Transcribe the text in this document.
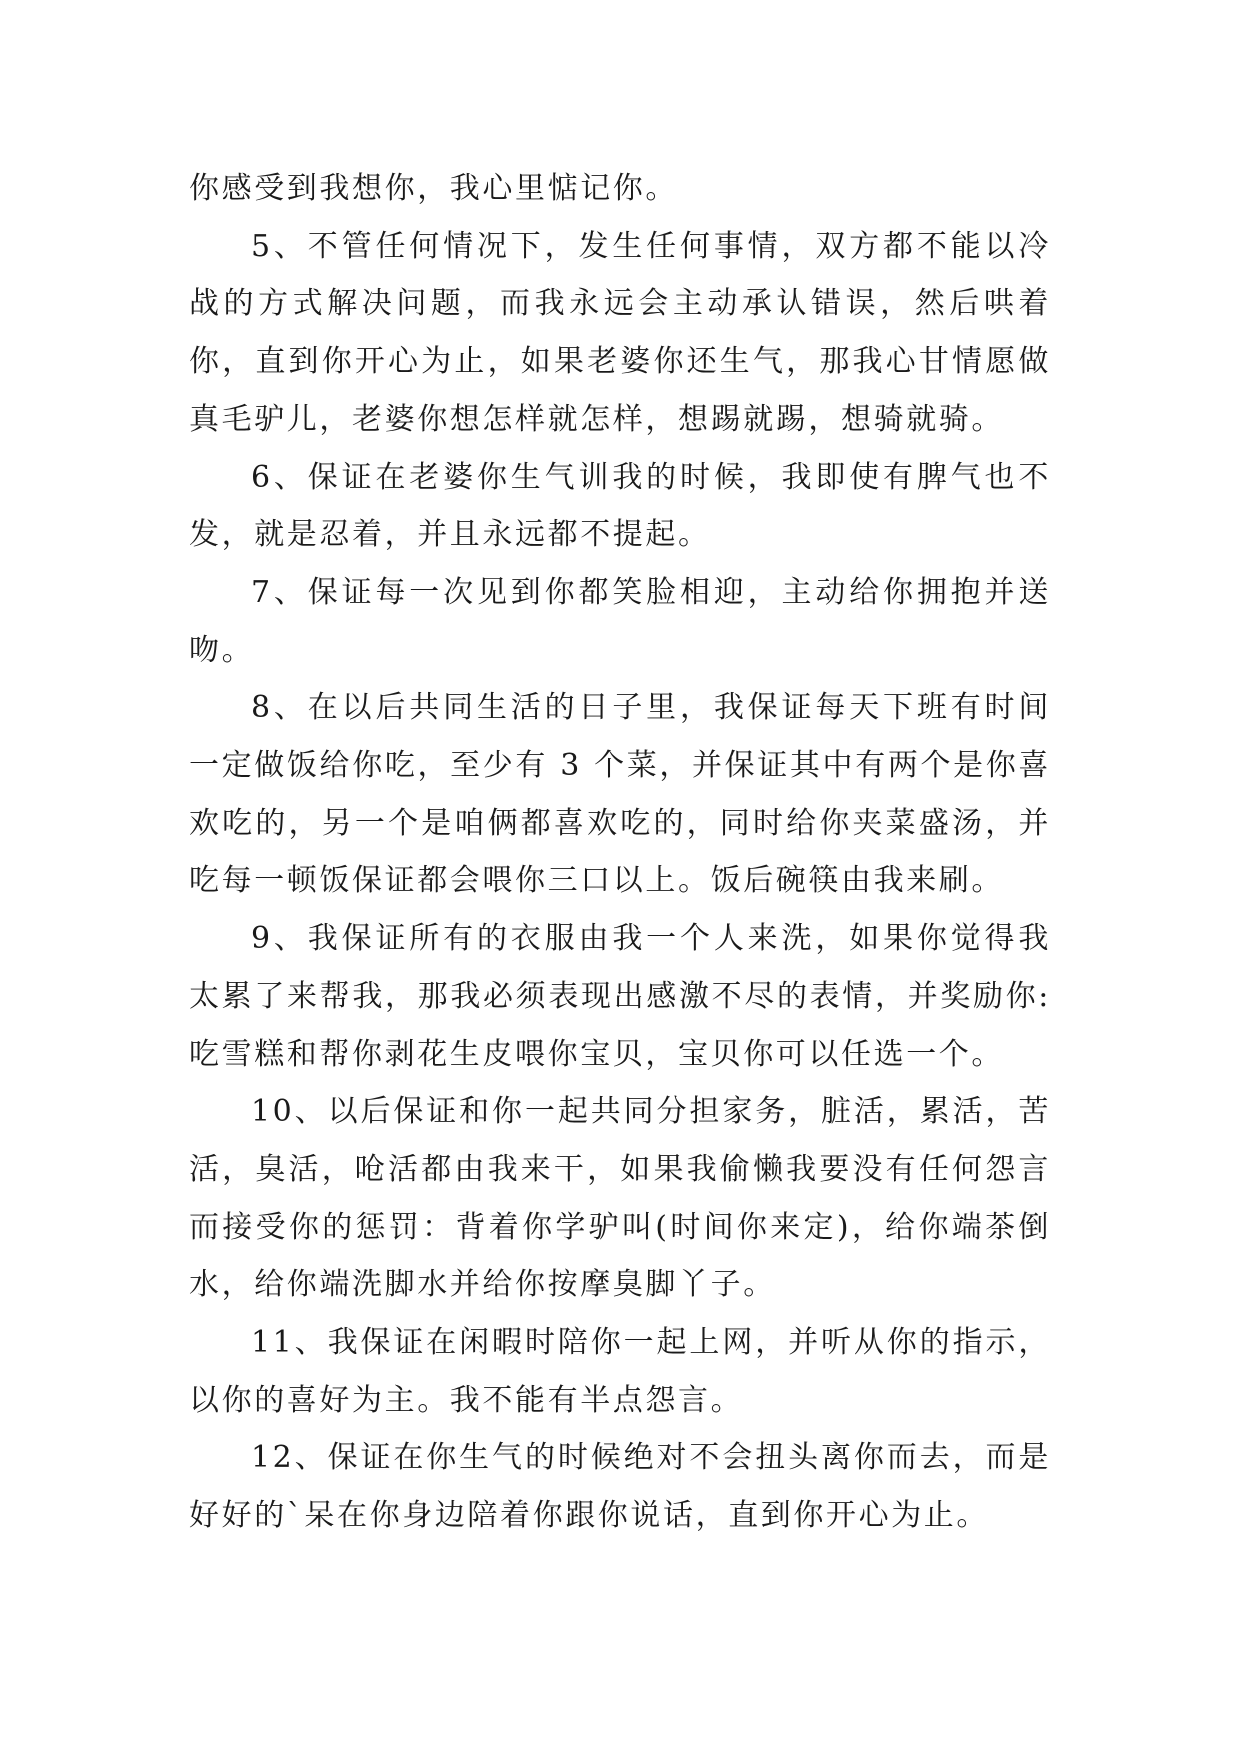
你感受到我想你，我心里惦记你。

5、不管任何情况下，发生任何事情，双方都不能以冷战的方式解决问题，而我永远会主动承认错误，然后哄着你，直到你开心为止，如果老婆你还生气，那我心甘情愿做真毛驴儿，老婆你想怎样就怎样，想踢就踢，想骑就骑。

6、保证在老婆你生气训我的时候，我即使有脾气也不发，就是忍着，并且永远都不提起。

7、保证每一次见到你都笑脸相迎，主动给你拥抱并送吻。

8、在以后共同生活的日子里，我保证每天下班有时间一定做饭给你吃，至少有 3 个菜，并保证其中有两个是你喜欢吃的，另一个是咱俩都喜欢吃的，同时给你夹菜盛汤，并吃每一顿饭保证都会喂你三口以上。饭后碗筷由我来刷。

9、我保证所有的衣服由我一个人来洗，如果你觉得我太累了来帮我，那我必须表现出感激不尽的表情，并奖励你:吃雪糕和帮你剥花生皮喂你宝贝，宝贝你可以任选一个。

10、以后保证和你一起共同分担家务，脏活，累活，苦活，臭活，呛活都由我来干，如果我偷懒我要没有任何怨言而接受你的惩罚：背着你学驴叫(时间你来定)，给你端茶倒水，给你端洗脚水并给你按摩臭脚丫子。

11、我保证在闲暇时陪你一起上网，并听从你的指示，以你的喜好为主。我不能有半点怨言。

12、保证在你生气的时候绝对不会扭头离你而去，而是好好的`呆在你身边陪着你跟你说话，直到你开心为止。
